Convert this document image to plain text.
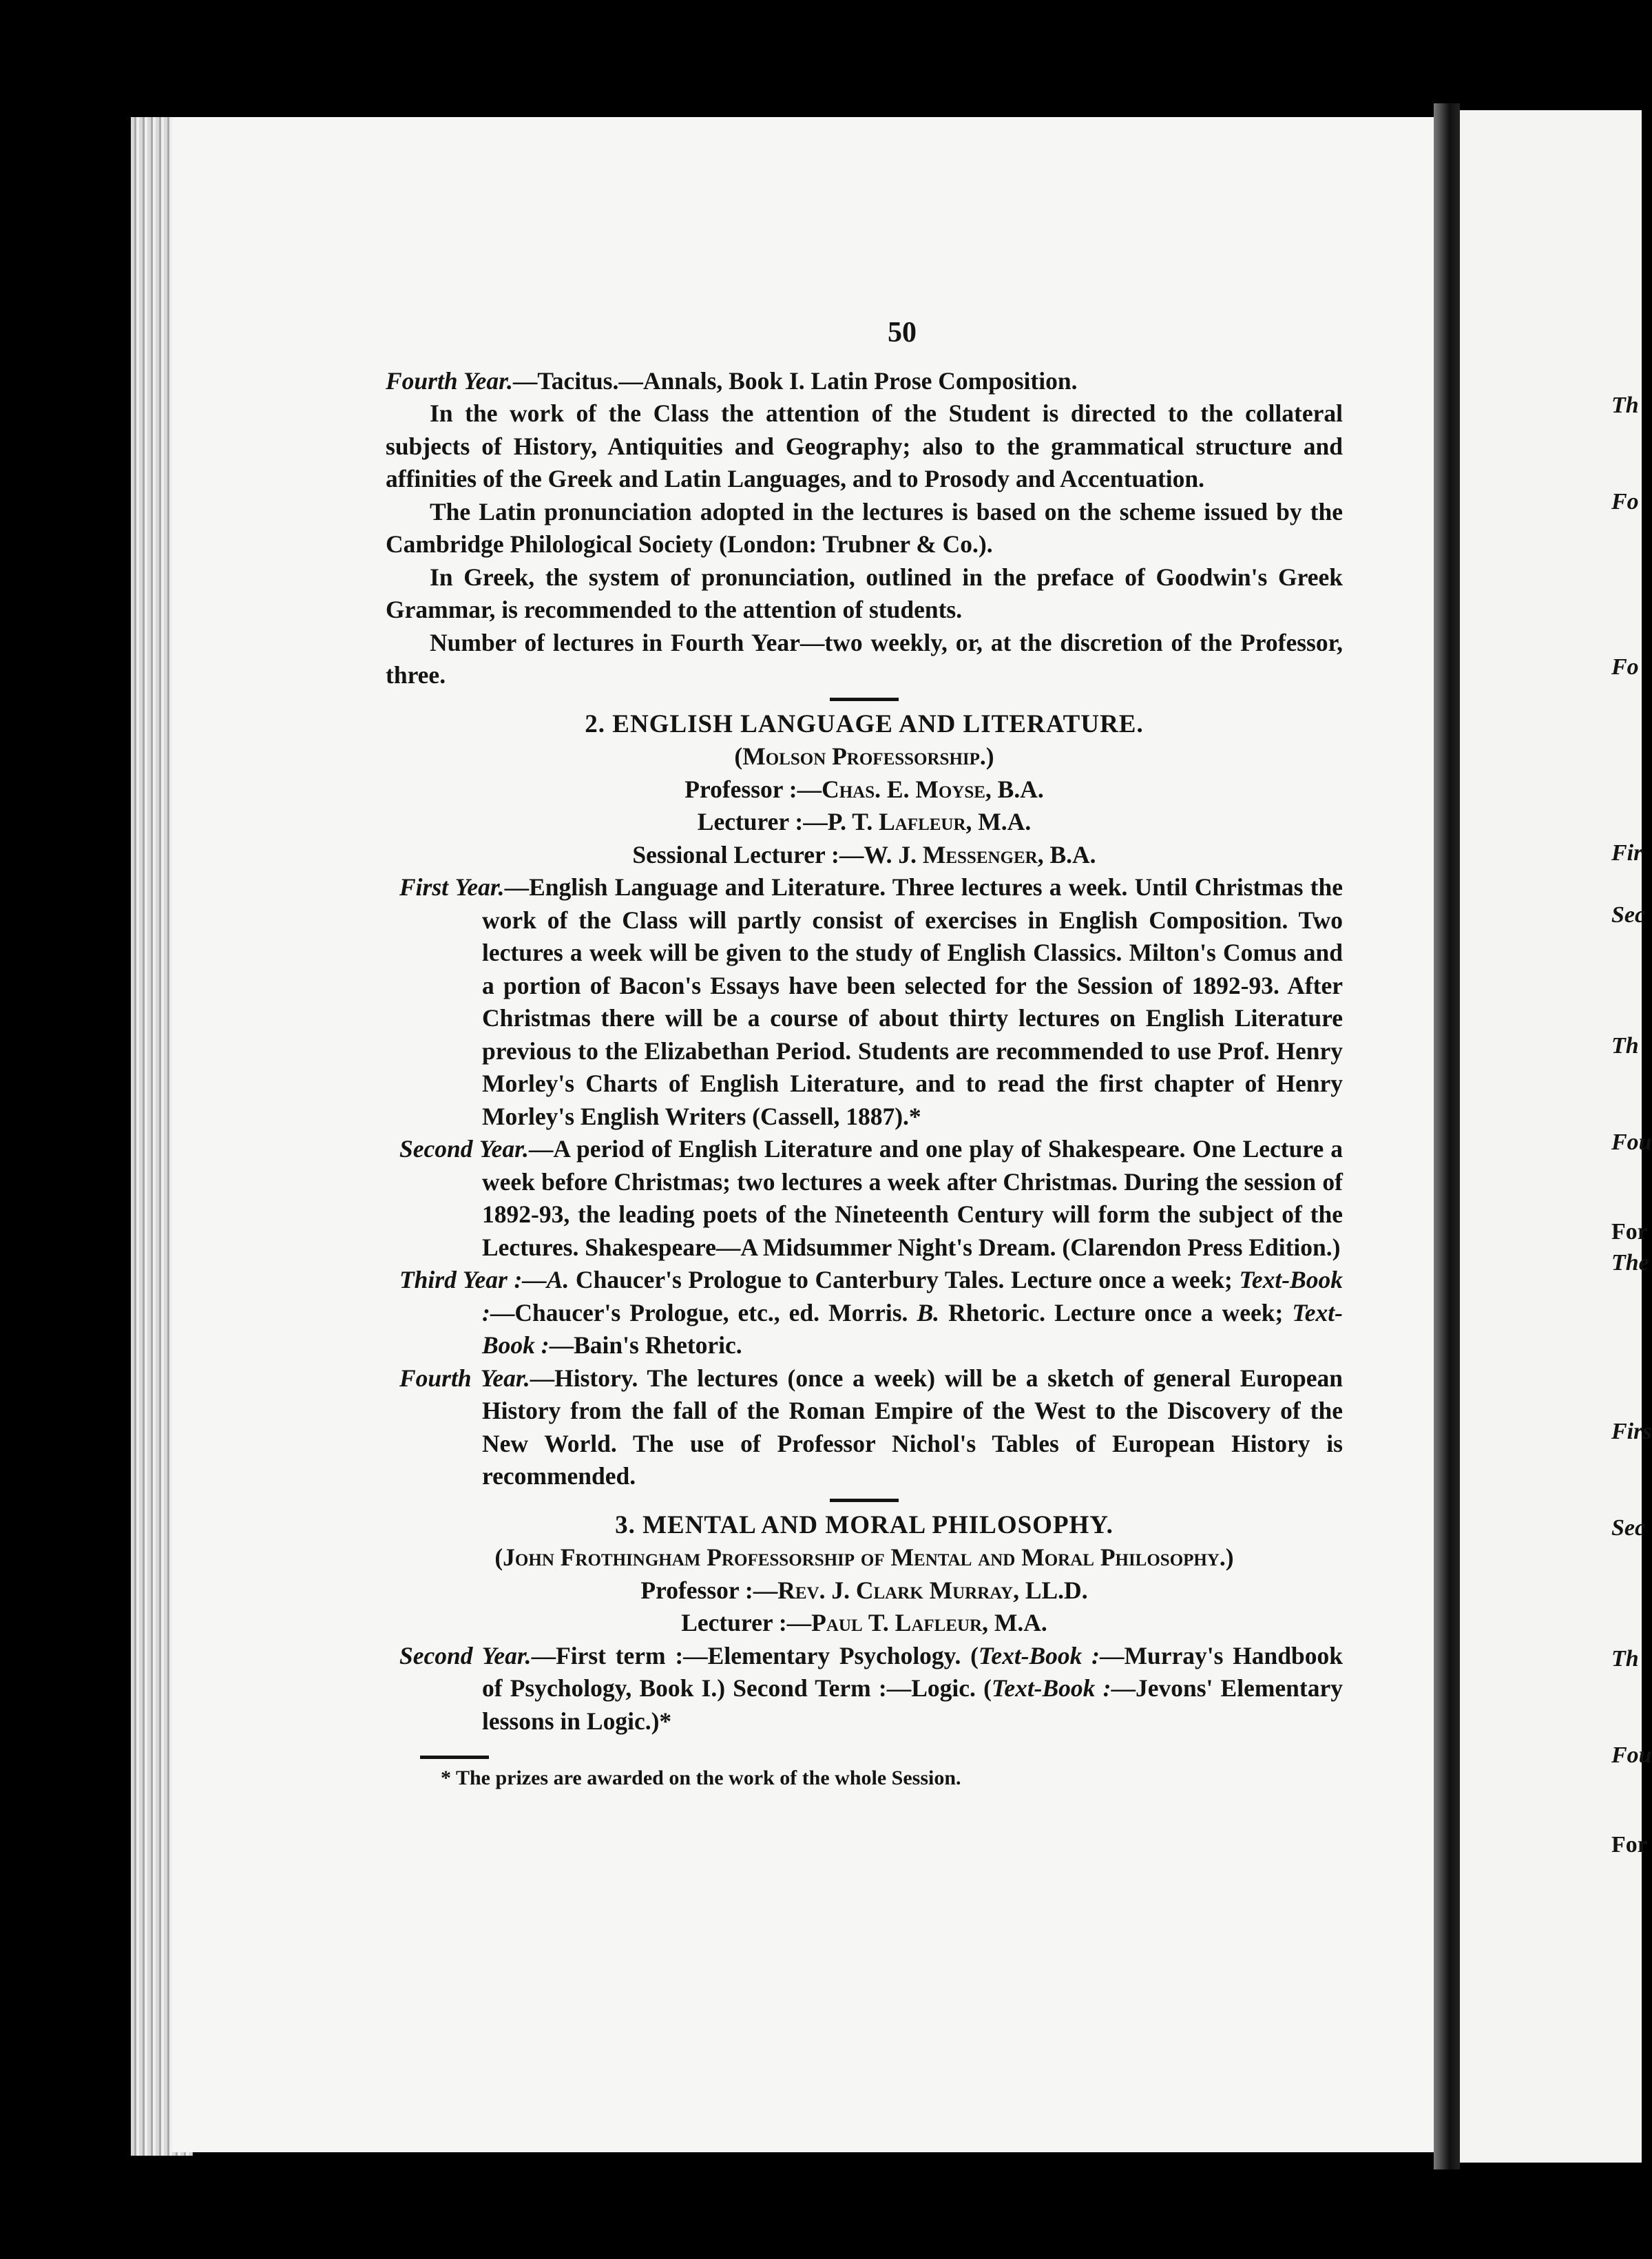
Th
Fo
Fo
Fir
Sec
Th
Fou
For
The
Firs
Sec
Th
Fou
For
50

Fourth Year.—Tacitus.—Annals, Book I. Latin Prose Composition.

In the work of the Class the attention of the Student is directed to the collateral subjects of History, Antiquities and Geography; also to the grammatical structure and affinities of the Greek and Latin Languages, and to Prosody and Accentuation.

The Latin pronunciation adopted in the lectures is based on the scheme issued by the Cambridge Philological Society (London: Trubner & Co.).

In Greek, the system of pronunciation, outlined in the preface of Goodwin's Greek Grammar, is recommended to the attention of students.

Number of lectures in Fourth Year—two weekly, or, at the discretion of the Professor, three.

2. ENGLISH LANGUAGE AND LITERATURE.
(Molson Professorship.)
Professor :—Chas. E. Moyse, B.A.
Lecturer :—P. T. Lafleur, M.A.
Sessional Lecturer :—W. J. Messenger, B.A.

First Year.—English Language and Literature. Three lectures a week. Until Christmas the work of the Class will partly consist of exercises in English Composition. Two lectures a week will be given to the study of English Classics. Milton's Comus and a portion of Bacon's Essays have been selected for the Session of 1892-93. After Christmas there will be a course of about thirty lectures on English Literature previous to the Elizabethan Period. Students are recommended to use Prof. Henry Morley's Charts of English Literature, and to read the first chapter of Henry Morley's English Writers (Cassell, 1887).*

Second Year.—A period of English Literature and one play of Shakespeare. One Lecture a week before Christmas; two lectures a week after Christmas. During the session of 1892-93, the leading poets of the Nineteenth Century will form the subject of the Lectures. Shakespeare—A Midsummer Night's Dream. (Clarendon Press Edition.)

Third Year :—A. Chaucer's Prologue to Canterbury Tales. Lecture once a week; Text-Book :—Chaucer's Prologue, etc., ed. Morris. B. Rhetoric. Lecture once a week; Text-Book :—Bain's Rhetoric.

Fourth Year.—History. The lectures (once a week) will be a sketch of general European History from the fall of the Roman Empire of the West to the Discovery of the New World. The use of Professor Nichol's Tables of European History is recommended.

3. MENTAL AND MORAL PHILOSOPHY.
(John Frothingham Professorship of Mental and Moral Philosophy.)
Professor :—Rev. J. Clark Murray, LL.D.
Lecturer :—Paul T. Lafleur, M.A.

Second Year.—First term :—Elementary Psychology. (Text-Book :—Murray's Handbook of Psychology, Book I.) Second Term :—Logic. (Text-Book :—Jevons' Elementary lessons in Logic.)*

* The prizes are awarded on the work of the whole Session.
